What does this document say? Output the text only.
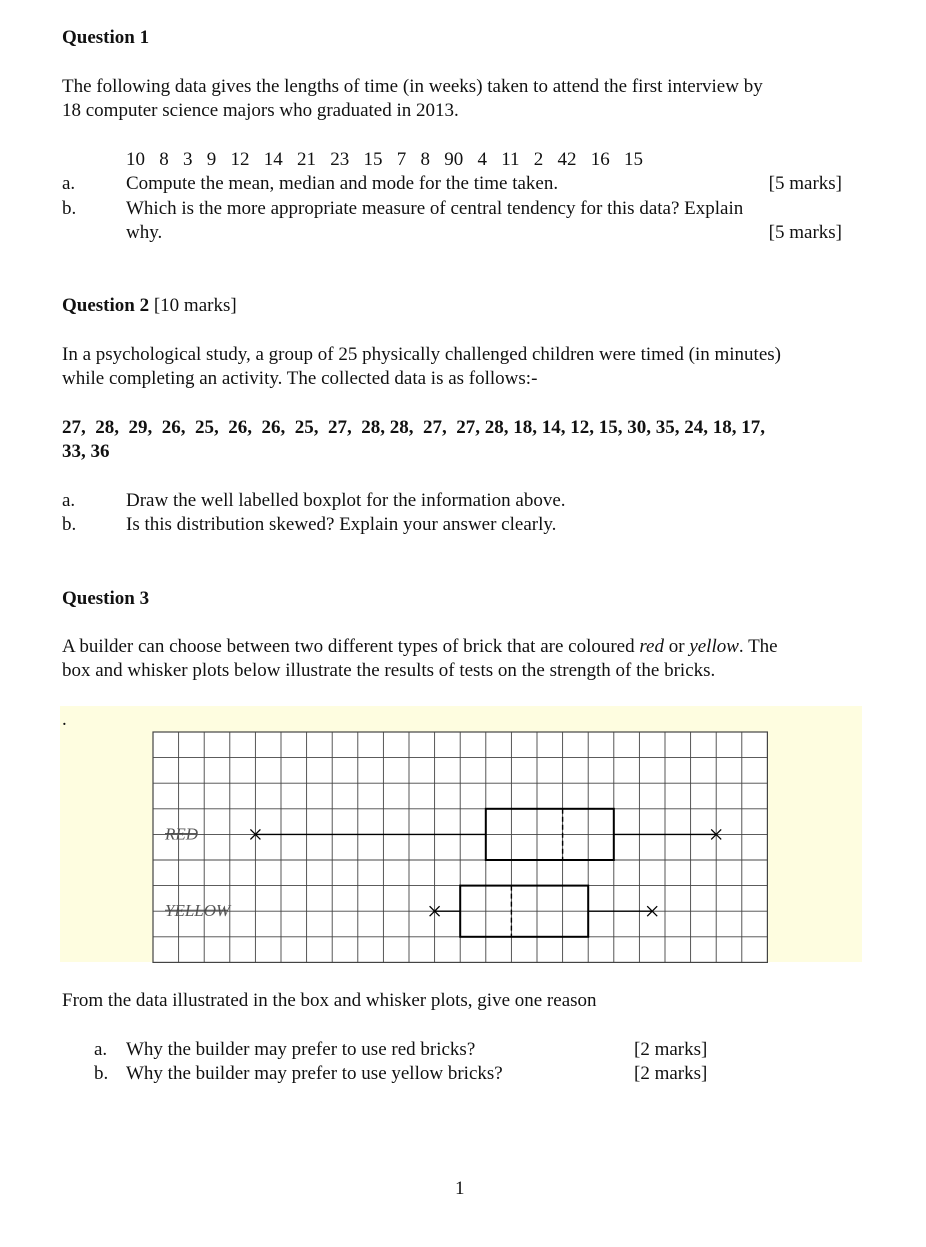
Question 1
The following data gives the lengths of time (in weeks) taken to attend the first interview by
18 computer science majors who graduated in 2013.
10   8   3   9   12   14   21   23   15   7   8   90   4   11   2   42   16   15
a.	Compute the mean, median and mode for the time taken.	[5 marks]
b.	Which is the more appropriate measure of central tendency for this data? Explain
why.	[5 marks]
Question 2 [10 marks]
In a psychological study, a group of 25 physically challenged children were timed (in minutes)
while completing an activity. The collected data is as follows:-
27,  28,  29,  26,  25,  26,  26,  25,  27,  28, 28,  27,  27, 28, 18, 14, 12, 15, 30, 35, 24, 18, 17,
33, 36
a.	Draw the well labelled boxplot for the information above.
b.	Is this distribution skewed? Explain your answer clearly.
Question 3
A builder can choose between two different types of brick that are coloured red or yellow. The
box and whisker plots below illustrate the results of tests on the strength of the bricks.
.
RED
YELLOW
From the data illustrated in the box and whisker plots, give one reason
a. Why the builder may prefer to use red bricks?	[2 marks]
b. Why the builder may prefer to use yellow bricks?	[2 marks]
1
